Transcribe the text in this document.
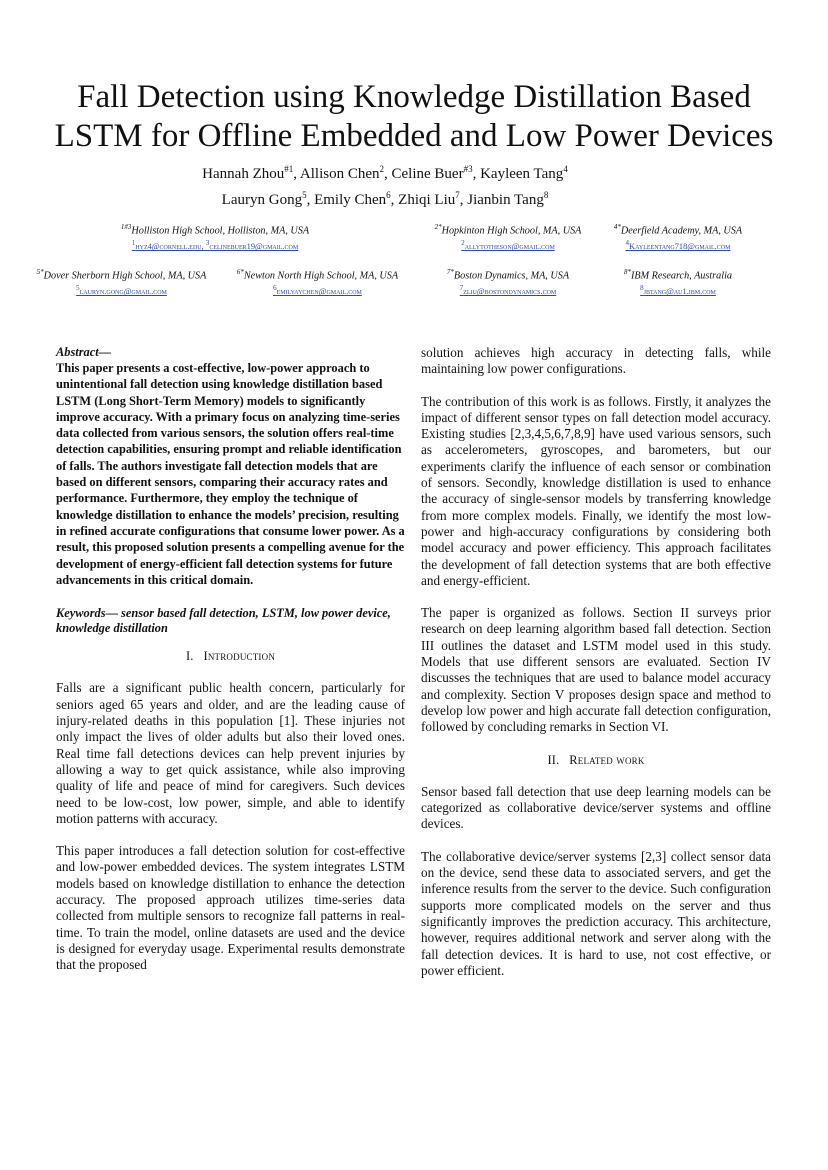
Fall Detection using Knowledge Distillation Based
LSTM for Offline Embedded and Low Power Devices
Hannah Zhou$^{\#1}$, Allison Chen$^2$, Celine Buer$^{\#3}$, Kayleen Tang$^4$
Lauryn Gong$^5$, Emily Chen$^6$, Zhiqi Liu$^7$, Jianbin Tang$^8$
$^{1\#3}$Holliston High School, Holliston, MA, USA
$^1$hyz4@cornell.edu, $^3$celinebuer19@gmail.com
$^{2*}$Hopkinton High School, MA, USA
$^2$allytotheson@gmail.com
$^{4*}$Deerfield Academy, MA, USA
$^4$Kayleentang718@gmail.com
$^{5*}$Dover Sherborn High School, MA, USA
$^5$lauryn.gong@gmail.com
$^{6*}$Newton North High School, MA, USA
$^6$emilyaychen@gmail.com
$^{7*}$Boston Dynamics, MA, USA
$^7$zliu@bostondynamics.com
$^{8*}$IBM Research, Australia
$^8$jbtang@au1.ibm.com

Abstract—

This paper presents a cost-effective, low-power approach to unintentional fall detection using knowledge distillation based LSTM (Long Short-Term Memory) models to significantly improve accuracy. With a primary focus on analyzing time-series data collected from various sensors, the solution offers real-time detection capabilities, ensuring prompt and reliable identification of falls. The authors investigate fall detection models that are based on different sensors, comparing their accuracy rates and performance. Furthermore, they employ the technique of knowledge distillation to enhance the models’ precision, resulting in refined accurate configurations that consume lower power. As a result, this proposed solution presents a compelling avenue for the development of energy-efficient fall detection systems for future advancements in this critical domain.

Keywords— sensor based fall detection, LSTM, low power device, knowledge distillation

I. Introduction

Falls are a significant public health concern, particularly for seniors aged 65 years and older, and are the leading cause of injury-related deaths in this population [1]. These injuries not only impact the lives of older adults but also their loved ones. Real time fall detections devices can help prevent injuries by allowing a way to get quick assistance, while also improving quality of life and peace of mind for caregivers. Such devices need to be low-cost, low power, simple, and able to identify motion patterns with accuracy.

This paper introduces a fall detection solution for cost-effective and low-power embedded devices. The system integrates LSTM models based on knowledge distillation to enhance the detection accuracy. The proposed approach utilizes time-series data collected from multiple sensors to recognize fall patterns in real-time. To train the model, online datasets are used and the device is designed for everyday usage. Experimental results demonstrate that the proposed

solution achieves high accuracy in detecting falls, while maintaining low power configurations.

The contribution of this work is as follows. Firstly, it analyzes the impact of different sensor types on fall detection model accuracy. Existing studies [2,3,4,5,6,7,8,9] have used various sensors, such as accelerometers, gyroscopes, and barometers, but our experiments clarify the influence of each sensor or combination of sensors. Secondly, knowledge distillation is used to enhance the accuracy of single-sensor models by transferring knowledge from more complex models. Finally, we identify the most low-power and high-accuracy configurations by considering both model accuracy and power efficiency. This approach facilitates the development of fall detection systems that are both effective and energy-efficient.

The paper is organized as follows. Section II surveys prior research on deep learning algorithm based fall detection. Section III outlines the dataset and LSTM model used in this study. Models that use different sensors are evaluated. Section IV discusses the techniques that are used to balance model accuracy and complexity. Section V proposes design space and method to develop low power and high accurate fall detection configuration, followed by concluding remarks in Section VI.

II. Related work

Sensor based fall detection that use deep learning models can be categorized as collaborative device/server systems and offline devices.

The collaborative device/server systems [2,3] collect sensor data on the device, send these data to associated servers, and get the inference results from the server to the device. Such configuration supports more complicated models on the server and thus significantly improves the prediction accuracy. This architecture, however, requires additional network and server along with the fall detection devices. It is hard to use, not cost effective, or power efficient.
